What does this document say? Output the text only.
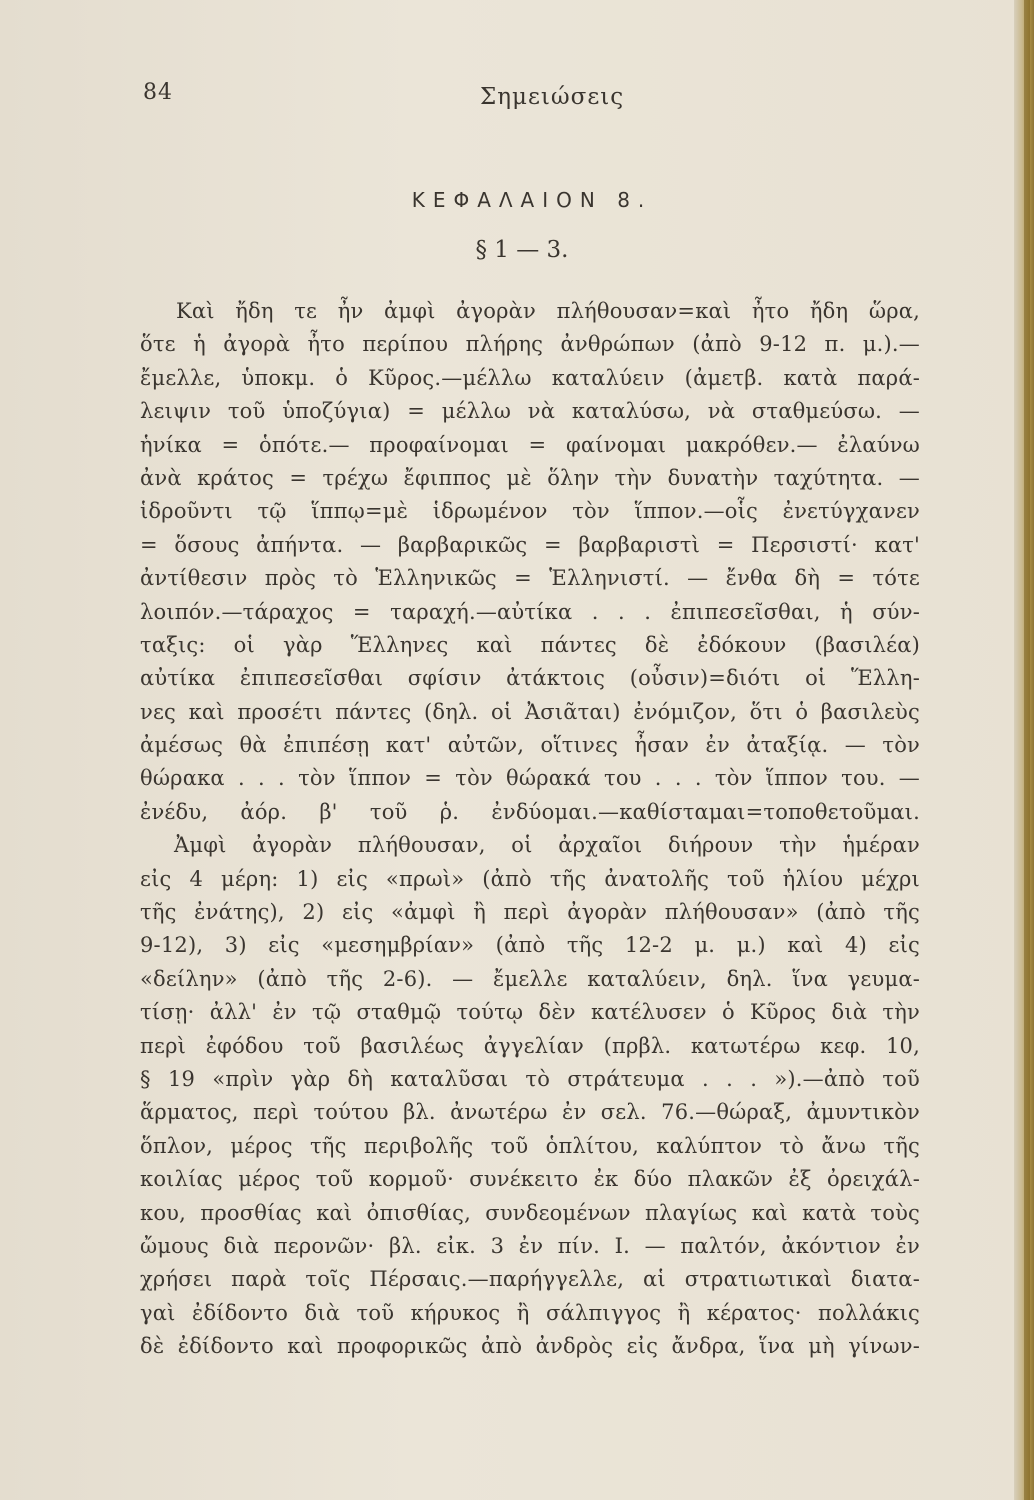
84	Σημειώσεις
ΚΕΦΑΛΑΙΟΝ 8.
§ 1 — 3.
Καὶ ἤδη τε ἦν ἀμφὶ ἀγορὰν πλήθουσαν=καὶ ἦτο ἤδη ὥρα,
ὅτε ἡ ἀγορὰ ἦτο περίπου πλήρης ἀνθρώπων (ἀπὸ 9-12 π. μ.).—
ἔμελλε, ὑποκμ. ὁ Κῦρος.—μέλλω καταλύειν (ἀμετβ. κατὰ παρά-
λειψιν τοῦ ὑποζύγια) = μέλλω νὰ καταλύσω, νὰ σταθμεύσω. —
ἡνίκα = ὁπότε.— προφαίνομαι = φαίνομαι μακρόθεν.— ἐλαύνω
ἀνὰ κράτος = τρέχω ἔφιππος μὲ ὅλην τὴν δυνατὴν ταχύτητα. —
ἱδροῦντι τῷ ἵππῳ=μὲ ἱδρωμένον τὸν ἵππον.—οἷς ἐνετύγχανεν
= ὅσους ἀπήντα. — βαρβαρικῶς = βαρβαριστὶ = Περσιστί· κατ'
ἀντίθεσιν πρὸς τὸ Ἑλληνικῶς = Ἑλληνιστί. — ἔνθα δὴ = τότε
λοιπόν.—τάραχος = ταραχή.—αὐτίκα . . . ἐπιπεσεῖσθαι, ἡ σύν-
ταξις: οἱ γὰρ Ἕλληνες καὶ πάντες δὲ ἐδόκουν (βασιλέα)
αὐτίκα ἐπιπεσεῖσθαι σφίσιν ἀτάκτοις (οὖσιν)=διότι οἱ Ἕλλη-
νες καὶ προσέτι πάντες (δηλ. οἱ Ἀσιᾶται) ἐνόμιζον, ὅτι ὁ βασιλεὺς
ἀμέσως θὰ ἐπιπέσῃ κατ' αὐτῶν, οἵτινες ἦσαν ἐν ἀταξίᾳ. — τὸν
θώρακα . . . τὸν ἵππον = τὸν θώρακά του . . . τὸν ἵππον του. —
ἐνέδυ, ἀόρ. β' τοῦ ῥ. ἐνδύομαι.—καθίσταμαι=τοποθετοῦμαι.
Ἀμφὶ ἀγορὰν πλήθουσαν, οἱ ἀρχαῖοι διήρουν τὴν ἡμέραν
εἰς 4 μέρη: 1) εἰς «πρωὶ» (ἀπὸ τῆς ἀνατολῆς τοῦ ἡλίου μέχρι
τῆς ἐνάτης), 2) εἰς «ἀμφὶ ἢ περὶ ἀγορὰν πλήθουσαν» (ἀπὸ τῆς
9-12), 3) εἰς «μεσημβρίαν» (ἀπὸ τῆς 12-2 μ. μ.) καὶ 4) εἰς
«δείλην» (ἀπὸ τῆς 2-6). — ἔμελλε καταλύειν, δηλ. ἵνα γευμα-
τίσῃ· ἀλλ' ἐν τῷ σταθμῷ τούτῳ δὲν κατέλυσεν ὁ Κῦρος διὰ τὴν
περὶ ἐφόδου τοῦ βασιλέως ἀγγελίαν (πρβλ. κατωτέρω κεφ. 10,
§ 19 «πρὶν γὰρ δὴ καταλῦσαι τὸ στράτευμα . . . »).—ἀπὸ τοῦ
ἅρματος, περὶ τούτου βλ. ἀνωτέρω ἐν σελ. 76.—θώραξ, ἀμυντικὸν
ὅπλον, μέρος τῆς περιβολῆς τοῦ ὁπλίτου, καλύπτον τὸ ἄνω τῆς
κοιλίας μέρος τοῦ κορμοῦ· συνέκειτο ἐκ δύο πλακῶν ἐξ ὀρειχάλ-
κου, προσθίας καὶ ὀπισθίας, συνδεομένων πλαγίως καὶ κατὰ τοὺς
ὤμους διὰ περονῶν· βλ. εἰκ. 3 ἐν πίν. I. — παλτόν, ἀκόντιον ἐν
χρήσει παρὰ τοῖς Πέρσαις.—παρήγγελλε, αἱ στρατιωτικαὶ διατα-
γαὶ ἐδίδοντο διὰ τοῦ κήρυκος ἢ σάλπιγγος ἢ κέρατος· πολλάκις
δὲ ἐδίδοντο καὶ προφορικῶς ἀπὸ ἀνδρὸς εἰς ἄνδρα, ἵνα μὴ γίνων-
